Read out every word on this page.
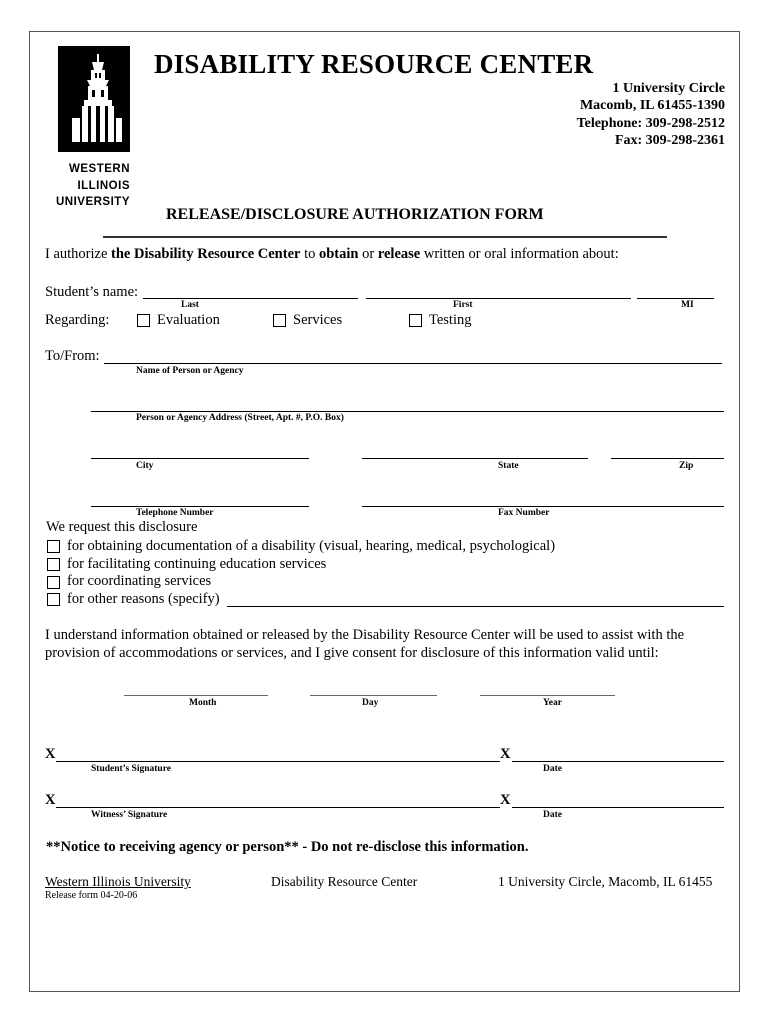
WESTERN
ILLINOIS
UNIVERSITY
DISABILITY RESOURCE CENTER
1 University Circle
Macomb, IL 61455-1390
Telephone: 309-298-2512
Fax: 309-298-2361
RELEASE/DISCLOSURE AUTHORIZATION FORM
I authorize the Disability Resource Center to obtain or release written or oral information about:
Student’s name:
Last	First	MI
Regarding:	Evaluation	Services	Testing
To/From:
Name of Person or Agency
Person or Agency Address (Street, Apt. #, P.O. Box)
City	State	Zip
Telephone Number	Fax Number
We request this disclosure
for obtaining documentation of a disability (visual, hearing, medical, psychological)
for facilitating continuing education services
for coordinating services
for other reasons (specify)
I understand information obtained or released by the Disability Resource Center will be used to assist with the
provision of accommodations or services, and I give consent for disclosure of this information valid until:
Month	Day	Year
X	X
Student’s Signature	Date
X	X
Witness’ Signature	Date
**Notice to receiving agency or person** - Do not re-disclose this information.
Western Illinois University	Disability Resource Center	1 University Circle, Macomb, IL 61455
Release form 04-20-06
